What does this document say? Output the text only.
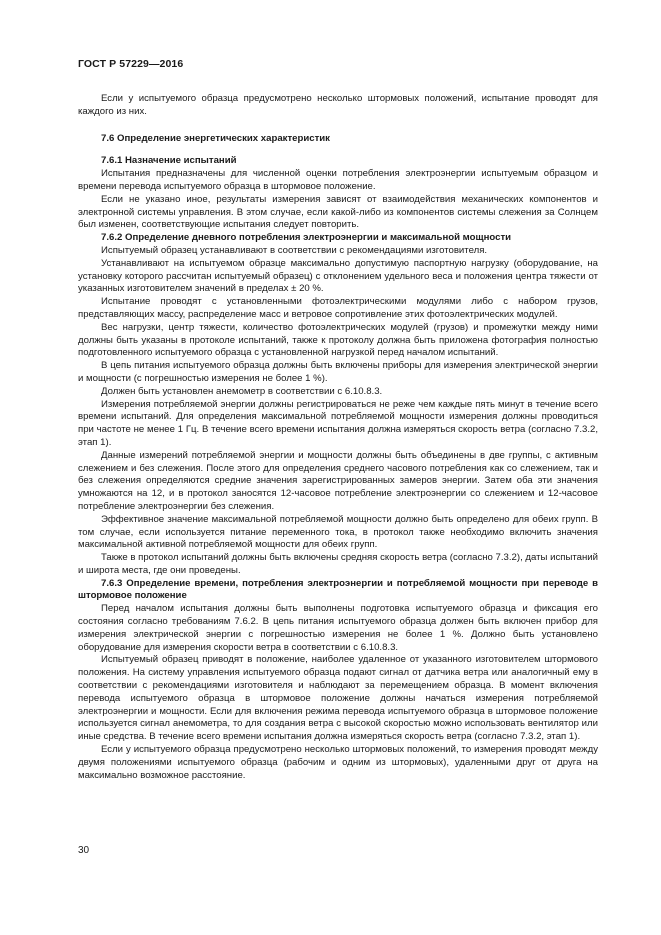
ГОСТ Р 57229—2016

Если у испытуемого образца предусмотрено несколько штормовых положений, испытание проводят для каждого из них.

7.6 Определение энергетических характеристик
7.6.1 Назначение испытаний

Испытания предназначены для численной оценки потребления электроэнергии испытуемым образцом и времени перевода испытуемого образца в штормовое положение.

Если не указано иное, результаты измерения зависят от взаимодействия механических компонентов и электронной системы управления. В этом случае, если какой-либо из компонентов системы слежения за Солнцем был изменен, соответствующие испытания следует повторить.

7.6.2 Определение дневного потребления электроэнергии и максимальной мощности

Испытуемый образец устанавливают в соответствии с рекомендациями изготовителя.

Устанавливают на испытуемом образце максимально допустимую паспортную нагрузку (оборудование, на установку которого рассчитан испытуемый образец) с отклонением удельного веса и положения центра тяжести от указанных изготовителем значений в пределах ± 20 %.

Испытание проводят с установленными фотоэлектрическими модулями либо с набором грузов, представляющих массу, распределение масс и ветровое сопротивление этих фотоэлектрических модулей.

Вес нагрузки, центр тяжести, количество фотоэлектрических модулей (грузов) и промежутки между ними должны быть указаны в протоколе испытаний, также к протоколу должна быть приложена фотография полностью подготовленного испытуемого образца с установленной нагрузкой перед началом испытаний.

В цепь питания испытуемого образца должны быть включены приборы для измерения электрической энергии и мощности (с погрешностью измерения не более 1 %).

Должен быть установлен анемометр в соответствии с 6.10.8.3.

Измерения потребляемой энергии должны регистрироваться не реже чем каждые пять минут в течение всего времени испытаний. Для определения максимальной потребляемой мощности измерения должны проводиться при частоте не менее 1 Гц. В течение всего времени испытания должна измеряться скорость ветра (согласно 7.3.2, этап 1).

Данные измерений потребляемой энергии и мощности должны быть объединены в две группы, с активным слежением и без слежения. После этого для определения среднего часового потребления как со слежением, так и без слежения определяются средние значения зарегистрированных замеров энергии. Затем оба эти значения умножаются на 12, и в протокол заносятся 12-часовое потребление электроэнергии со слежением и 12-часовое потребление электроэнергии без слежения.

Эффективное значение максимальной потребляемой мощности должно быть определено для обеих групп. В том случае, если используется питание переменного тока, в протокол также необходимо включить значения максимальной активной потребляемой мощности для обеих групп.

Также в протокол испытаний должны быть включены средняя скорость ветра (согласно 7.3.2), даты испытаний и широта места, где они проведены.

7.6.3 Определение времени, потребления электроэнергии и потребляемой мощности при переводе в штормовое положение

Перед началом испытания должны быть выполнены подготовка испытуемого образца и фиксация его состояния согласно требованиям 7.6.2. В цепь питания испытуемого образца должен быть включен прибор для измерения электрической энергии с погрешностью измерения не более 1 %. Должно быть установлено оборудование для измерения скорости ветра в соответствии с 6.10.8.3.

Испытуемый образец приводят в положение, наиболее удаленное от указанного изготовителем штормового положения. На систему управления испытуемого образца подают сигнал от датчика ветра или аналогичный ему в соответствии с рекомендациями изготовителя и наблюдают за перемещением образца. В момент включения перевода испытуемого образца в штормовое положение должны начаться измерения потребляемой электроэнергии и мощности. Если для включения режима перевода испытуемого образца в штормовое положение используется сигнал анемометра, то для создания ветра с высокой скоростью можно использовать вентилятор или иные средства. В течение всего времени испытания должна измеряться скорость ветра (согласно 7.3.2, этап 1).

Если у испытуемого образца предусмотрено несколько штормовых положений, то измерения проводят между двумя положениями испытуемого образца (рабочим и одним из штормовых), удаленными друг от друга на максимально возможное расстояние.

30
